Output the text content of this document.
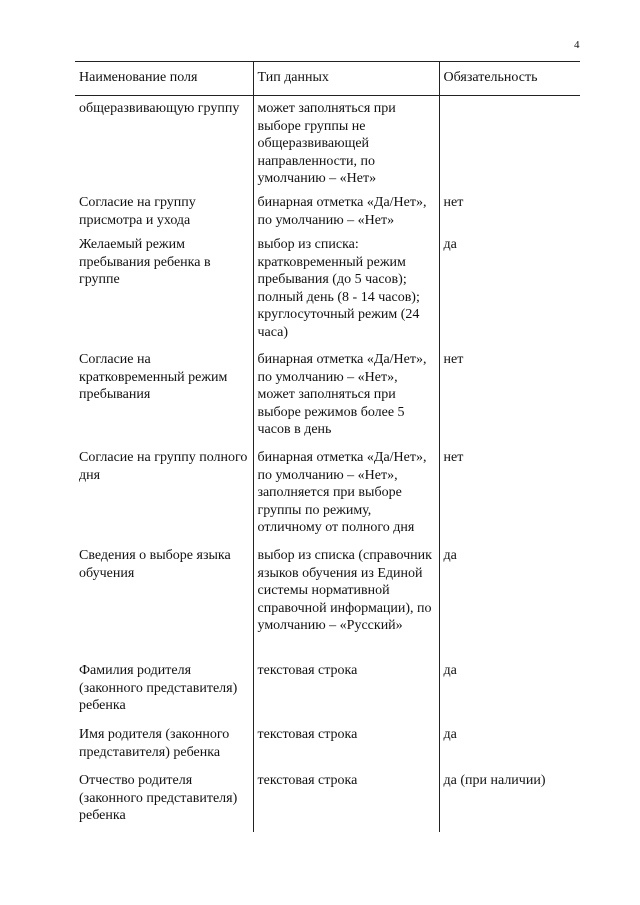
4
Наименование поля	Тип данных	Обязательность
общеразвивающую группу	может заполняться при выборе группы не общеразвивающей направленности, по умолчанию – «Нет»	
Согласие на группу присмотра и ухода	бинарная отметка «Да/Нет», по умолчанию – «Нет»	нет
Желаемый режим пребывания ребенка в группе	выбор из списка: кратковременный режим пребывания (до 5 часов); полный день (8 - 14 часов); круглосуточный режим (24 часа)	да
Согласие на кратковременный режим пребывания	бинарная отметка «Да/Нет», по умолчанию – «Нет», может заполняться при выборе режимов более 5 часов в день	нет
Согласие на группу полного дня	бинарная отметка «Да/Нет», по умолчанию – «Нет», заполняется при выборе группы по режиму, отличному от полного дня	нет
Сведения о выборе языка обучения	выбор из списка (справочник языков обучения из Единой системы нормативной справочной информации), по умолчанию – «Русский»	да
Фамилия родителя (законного представителя) ребенка	текстовая строка	да
Имя родителя (законного представителя) ребенка	текстовая строка	да
Отчество родителя (законного представителя) ребенка	текстовая строка	да (при наличии)
